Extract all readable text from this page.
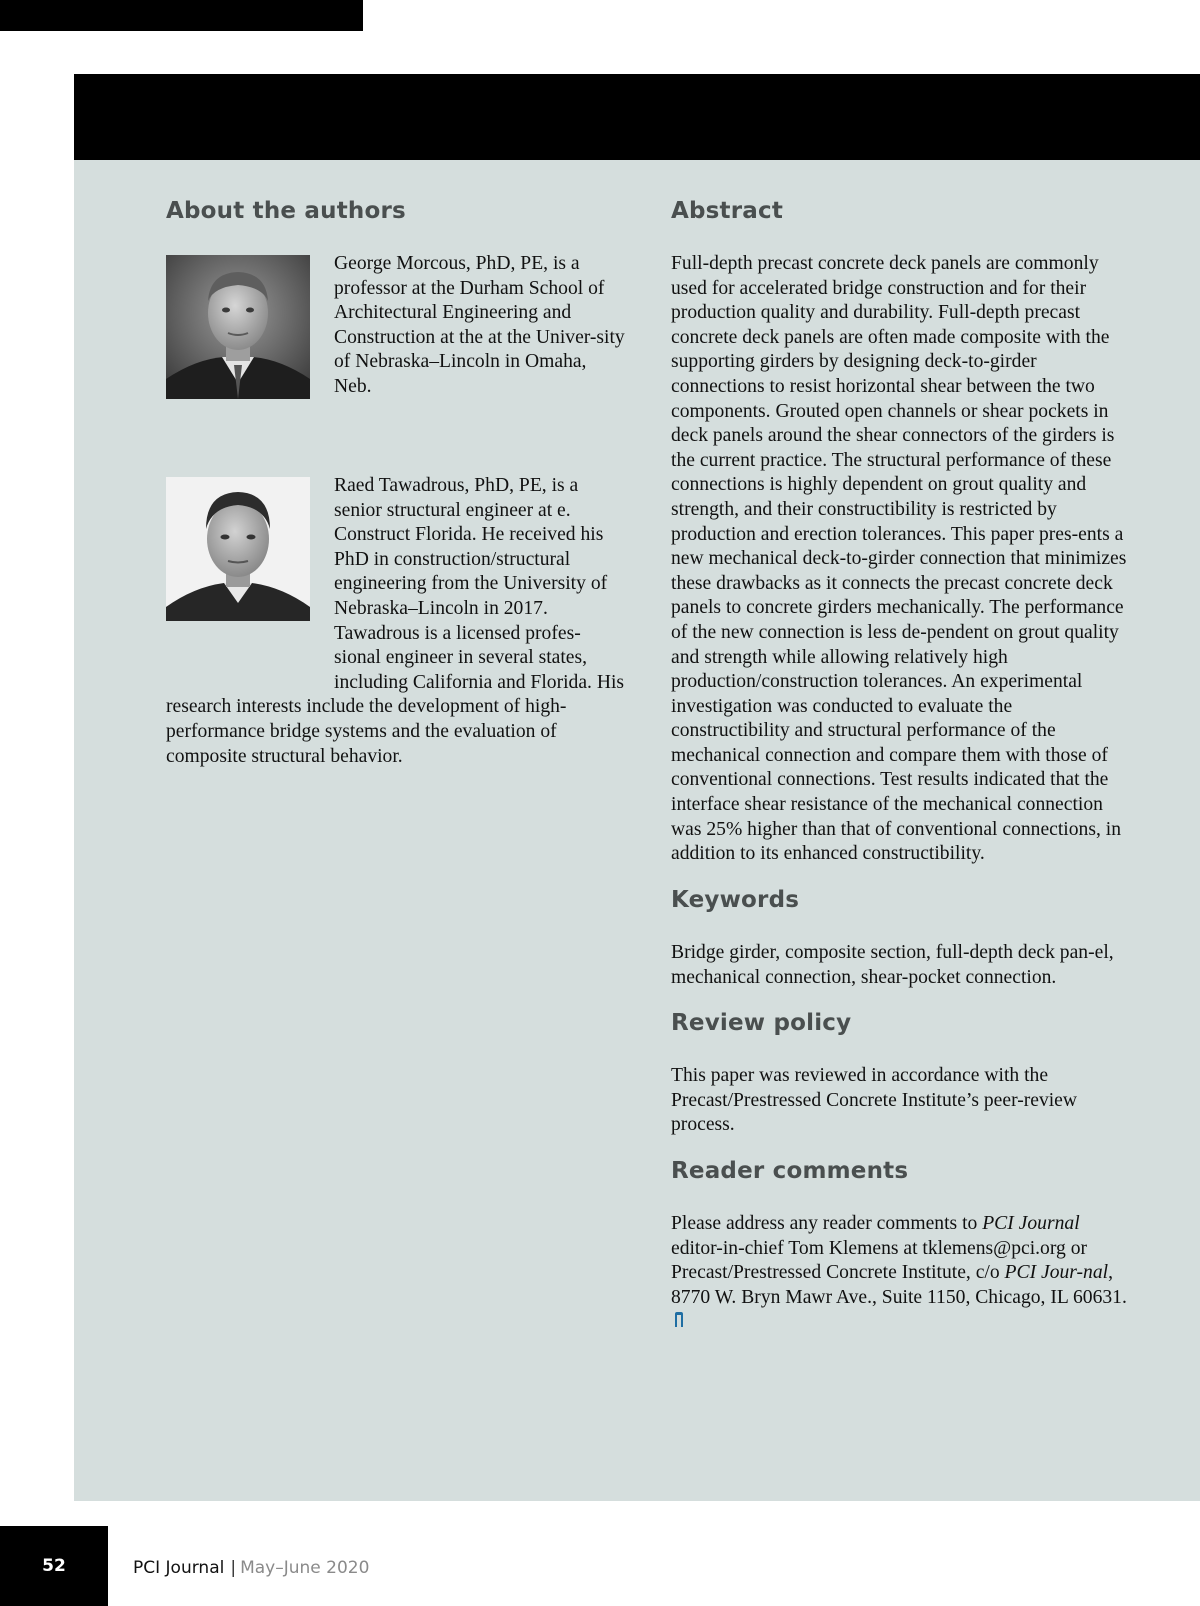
About the authors

George Morcous, PhD, PE, is a professor at the Durham School of Architectural Engineering and Construction at the at the Univer-sity of Nebraska–Lincoln in Omaha, Neb.

Raed Tawadrous, PhD, PE, is a senior structural engineer at e. Construct Florida. He received his PhD in construction/structural engineering from the University of Nebraska–Lincoln in 2017. Tawadrous is a licensed profes-sional engineer in several states, including California and Florida. His research interests include the development of high-performance bridge systems and the evaluation of composite structural behavior.

Abstract

Full-depth precast concrete deck panels are commonly used for accelerated bridge construction and for their production quality and durability. Full-depth precast concrete deck panels are often made composite with the supporting girders by designing deck-to-girder connections to resist horizontal shear between the two components. Grouted open channels or shear pockets in deck panels around the shear connectors of the girders is the current practice. The structural performance of these connections is highly dependent on grout quality and strength, and their constructibility is restricted by production and erection tolerances. This paper pres-ents a new mechanical deck-to-girder connection that minimizes these drawbacks as it connects the precast concrete deck panels to concrete girders mechanically. The performance of the new connection is less de-pendent on grout quality and strength while allowing relatively high production/construction tolerances. An experimental investigation was conducted to evaluate the constructibility and structural performance of the mechanical connection and compare them with those of conventional connections. Test results indicated that the interface shear resistance of the mechanical connection was 25% higher than that of conventional connections, in addition to its enhanced constructibility.

Keywords

Bridge girder, composite section, full-depth deck pan-el, mechanical connection, shear-pocket connection.

Review policy

This paper was reviewed in accordance with the Precast/Prestressed Concrete Institute’s peer-review process.

Reader comments

Please address any reader comments to PCI Journal editor-in-chief Tom Klemens at tklemens@pci.org or Precast/Prestressed Concrete Institute, c/o PCI Jour-nal, 8770 W. Bryn Mawr Ave., Suite 1150, Chicago, IL 60631.

52	PCI Journal | May–June 2020
